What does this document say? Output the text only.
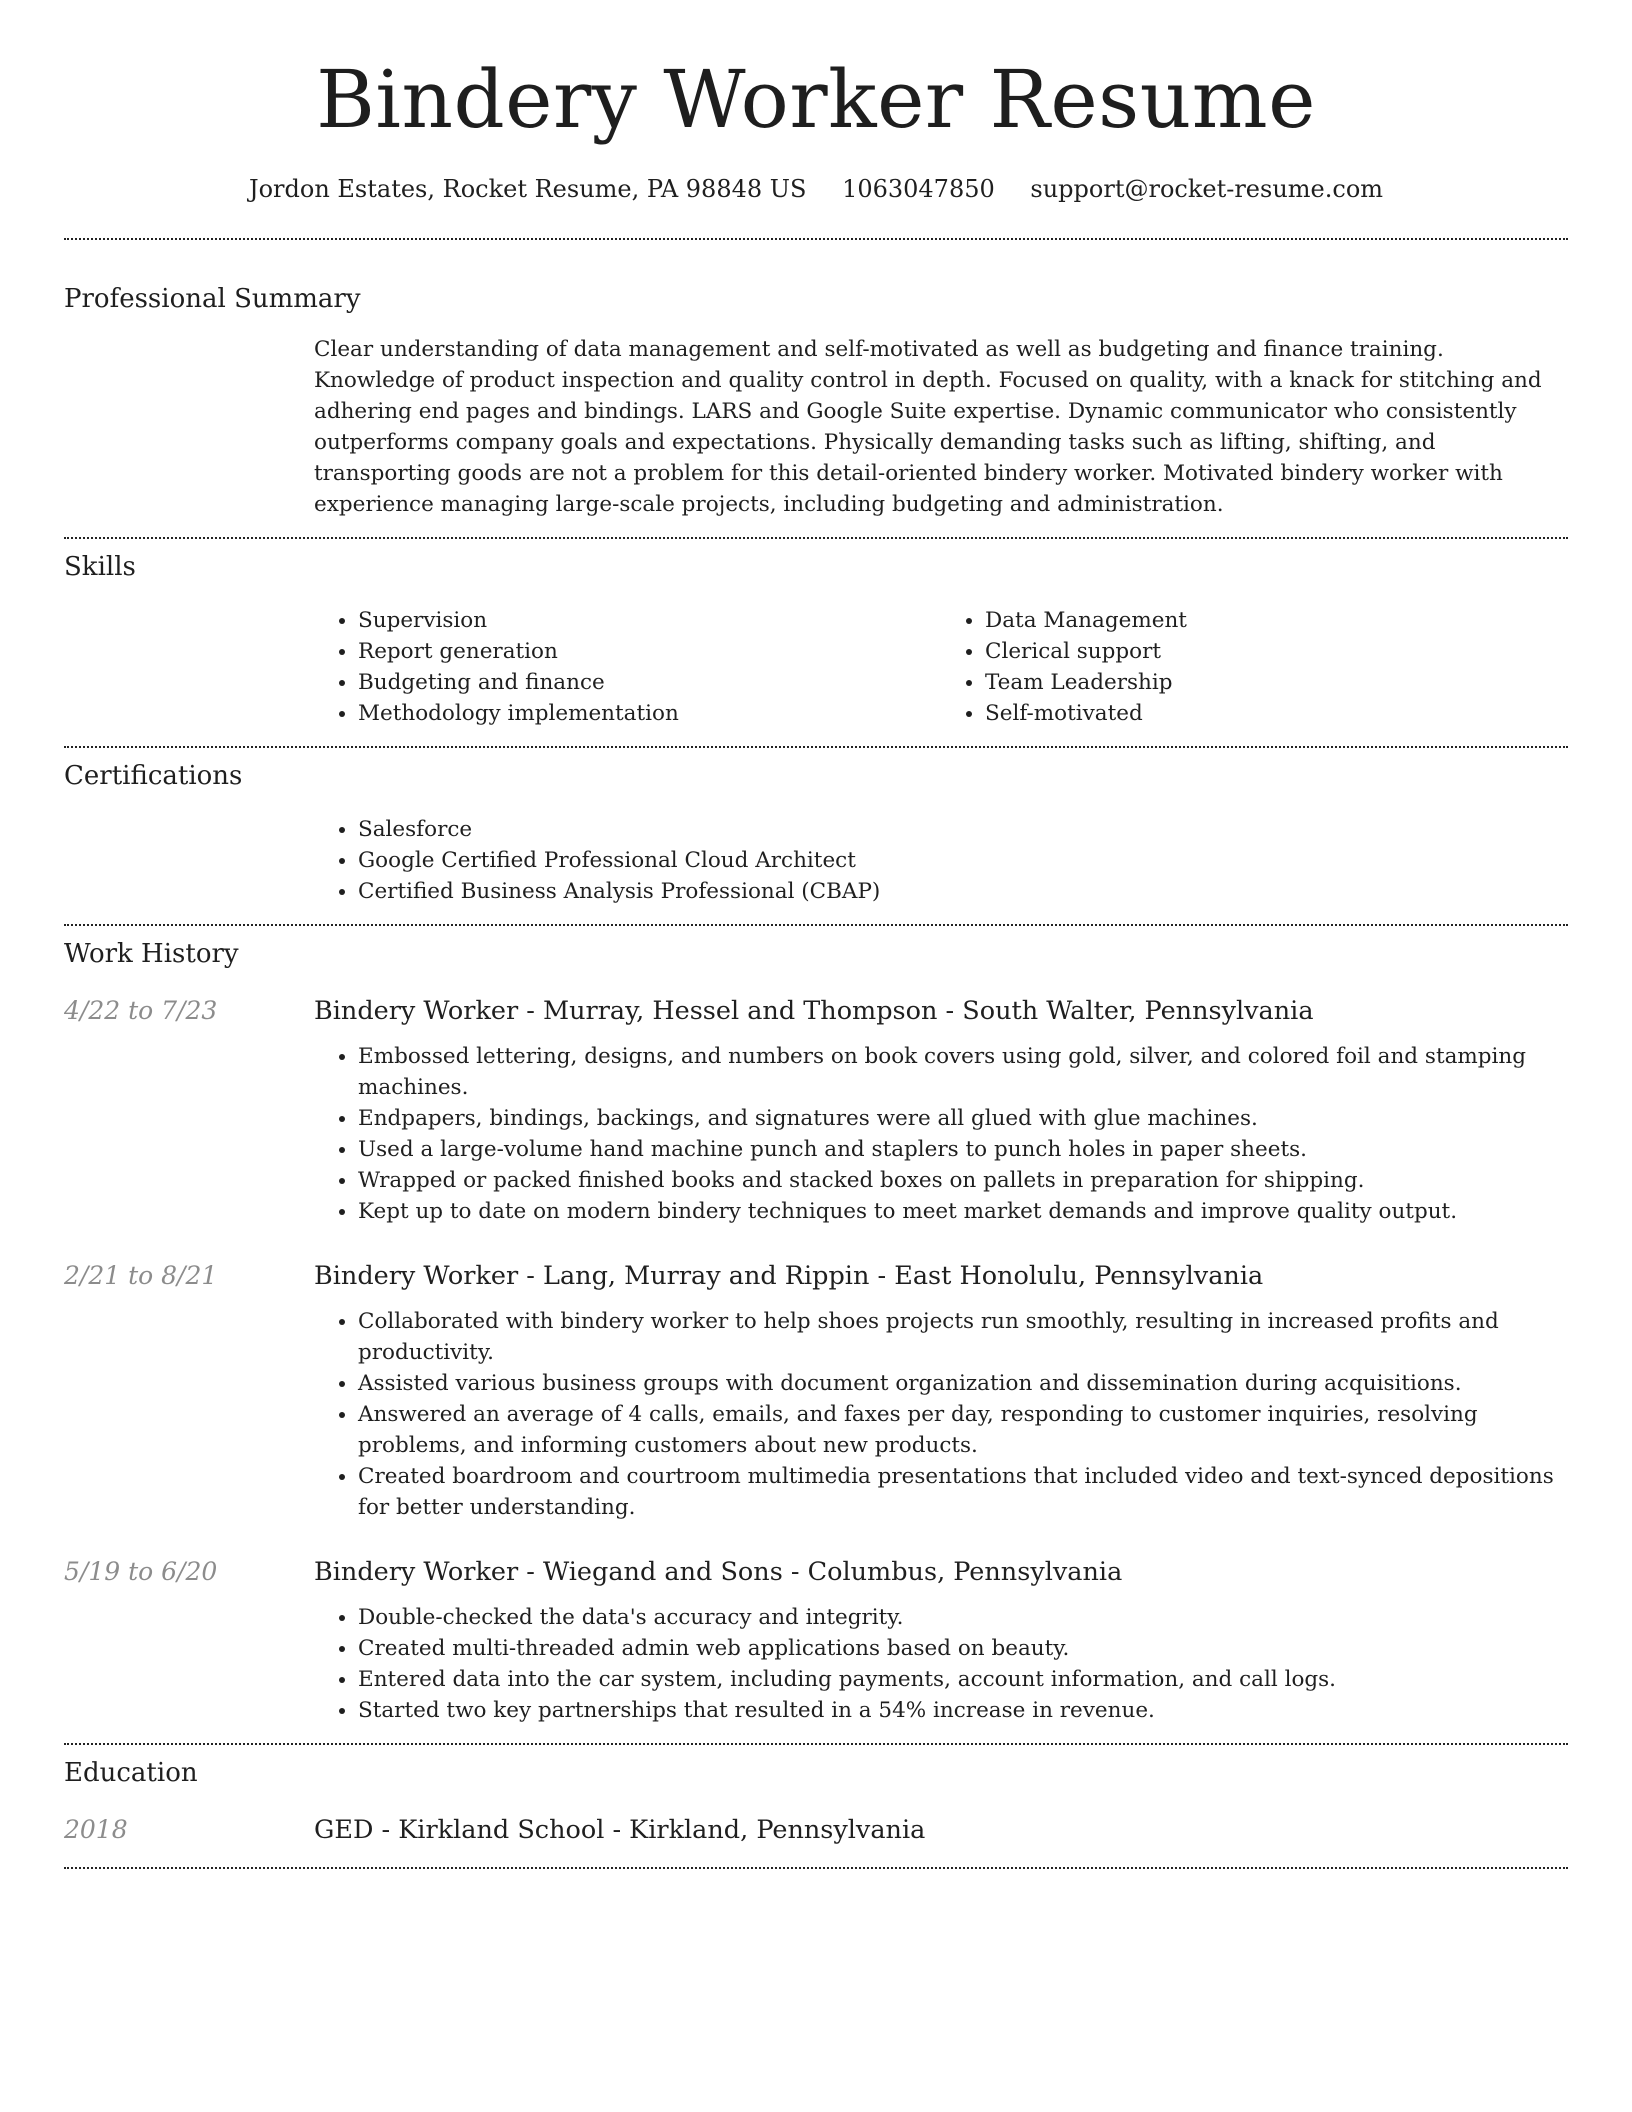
Bindery Worker Resume
Jordon Estates, Rocket Resume, PA 98848 US 1063047850 support@rocket-resume.com
Professional Summary

Clear understanding of data management and self-motivated as well as budgeting and finance training. Knowledge of product inspection and quality control in depth. Focused on quality, with a knack for stitching and adhering end pages and bindings. LARS and Google Suite expertise. Dynamic communicator who consistently outperforms company goals and expectations. Physically demanding tasks such as lifting, shifting, and transporting goods are not a problem for this detail-oriented bindery worker. Motivated bindery worker with experience managing large-scale projects, including budgeting and administration.

Skills
• Supervision
• Report generation
• Budgeting and finance
• Methodology implementation
• Data Management
• Clerical support
• Team Leadership
• Self-motivated
Certifications
• Salesforce
• Google Certified Professional Cloud Architect
• Certified Business Analysis Professional (CBAP)
Work History
4/22 to 7/23	Bindery Worker - Murray, Hessel and Thompson - South Walter, Pennsylvania
• Embossed lettering, designs, and numbers on book covers using gold, silver, and colored foil and stamping machines.
• Endpapers, bindings, backings, and signatures were all glued with glue machines.
• Used a large-volume hand machine punch and staplers to punch holes in paper sheets.
• Wrapped or packed finished books and stacked boxes on pallets in preparation for shipping.
• Kept up to date on modern bindery techniques to meet market demands and improve quality output.
2/21 to 8/21	Bindery Worker - Lang, Murray and Rippin - East Honolulu, Pennsylvania
• Collaborated with bindery worker to help shoes projects run smoothly, resulting in increased profits and productivity.
• Assisted various business groups with document organization and dissemination during acquisitions.
• Answered an average of 4 calls, emails, and faxes per day, responding to customer inquiries, resolving problems, and informing customers about new products.
• Created boardroom and courtroom multimedia presentations that included video and text-synced depositions for better understanding.
5/19 to 6/20	Bindery Worker - Wiegand and Sons - Columbus, Pennsylvania
• Double-checked the data's accuracy and integrity.
• Created multi-threaded admin web applications based on beauty.
• Entered data into the car system, including payments, account information, and call logs.
• Started two key partnerships that resulted in a 54% increase in revenue.
Education
2018	GED - Kirkland School - Kirkland, Pennsylvania
